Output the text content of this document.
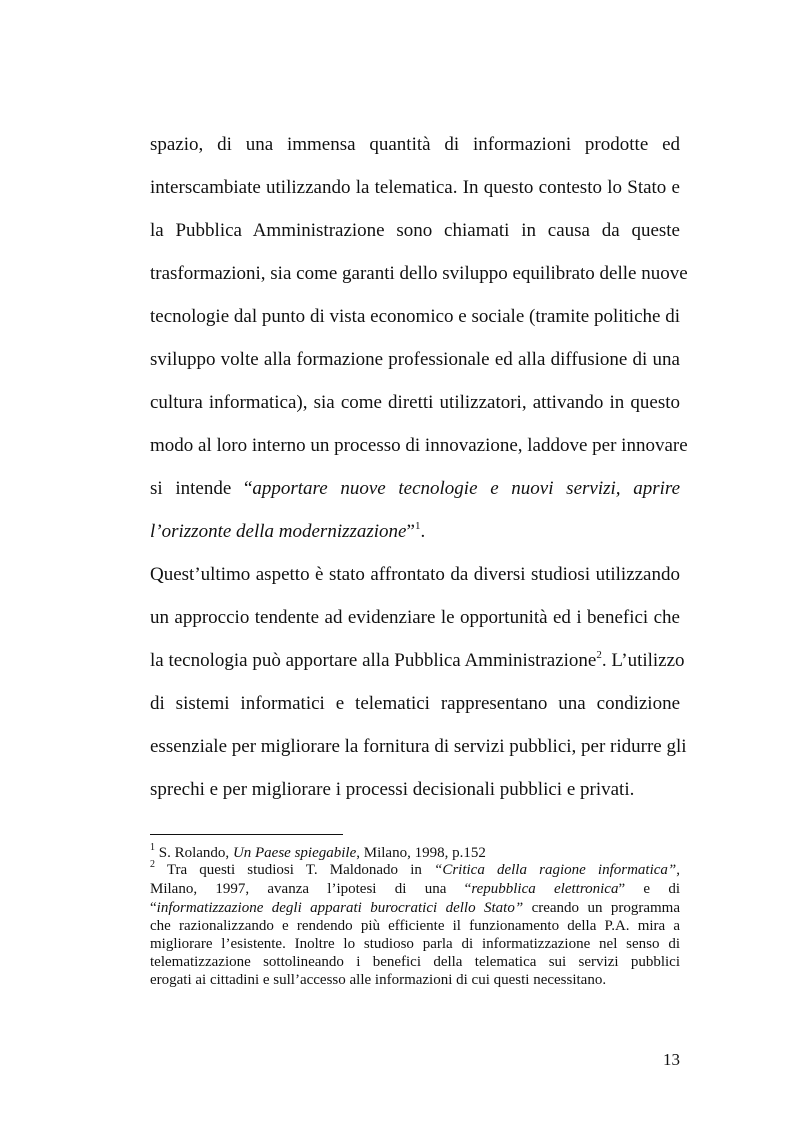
spazio, di una immensa quantità di informazioni prodotte ed
interscambiate utilizzando la telematica. In questo contesto lo Stato e
la Pubblica Amministrazione sono chiamati in causa da queste
trasformazioni, sia come garanti dello sviluppo equilibrato delle nuove
tecnologie dal punto di vista economico e sociale (tramite politiche di
sviluppo volte alla formazione professionale ed alla diffusione di una
cultura informatica), sia come diretti utilizzatori, attivando in questo
modo al loro interno un processo di innovazione, laddove per innovare
si intende “apportare nuove tecnologie e nuovi servizi, aprire
l’orizzonte della modernizzazione”$^1$.
Quest’ultimo aspetto è stato affrontato da diversi studiosi utilizzando
un approccio tendente ad evidenziare le opportunità ed i benefici che
la tecnologia può apportare alla Pubblica Amministrazione$^2$. L’utilizzo
di sistemi informatici e telematici rappresentano una condizione
essenziale per migliorare la fornitura di servizi pubblici, per ridurre gli
sprechi e per migliorare i processi decisionali pubblici e privati.
$^1$ S. Rolando, Un Paese spiegabile, Milano, 1998, p.152
$^2$ Tra questi studiosi T. Maldonado in “Critica della ragione informatica”,
Milano, 1997, avanza l’ipotesi di una “repubblica elettronica” e di
“informatizzazione degli apparati burocratici dello Stato” creando un programma
che razionalizzando e rendendo più efficiente il funzionamento della P.A. mira a
migliorare l’esistente. Inoltre lo studioso parla di informatizzazione nel senso di
telematizzazione sottolineando i benefici della telematica sui servizi pubblici
erogati ai cittadini e sull’accesso alle informazioni di cui questi necessitano.
13
